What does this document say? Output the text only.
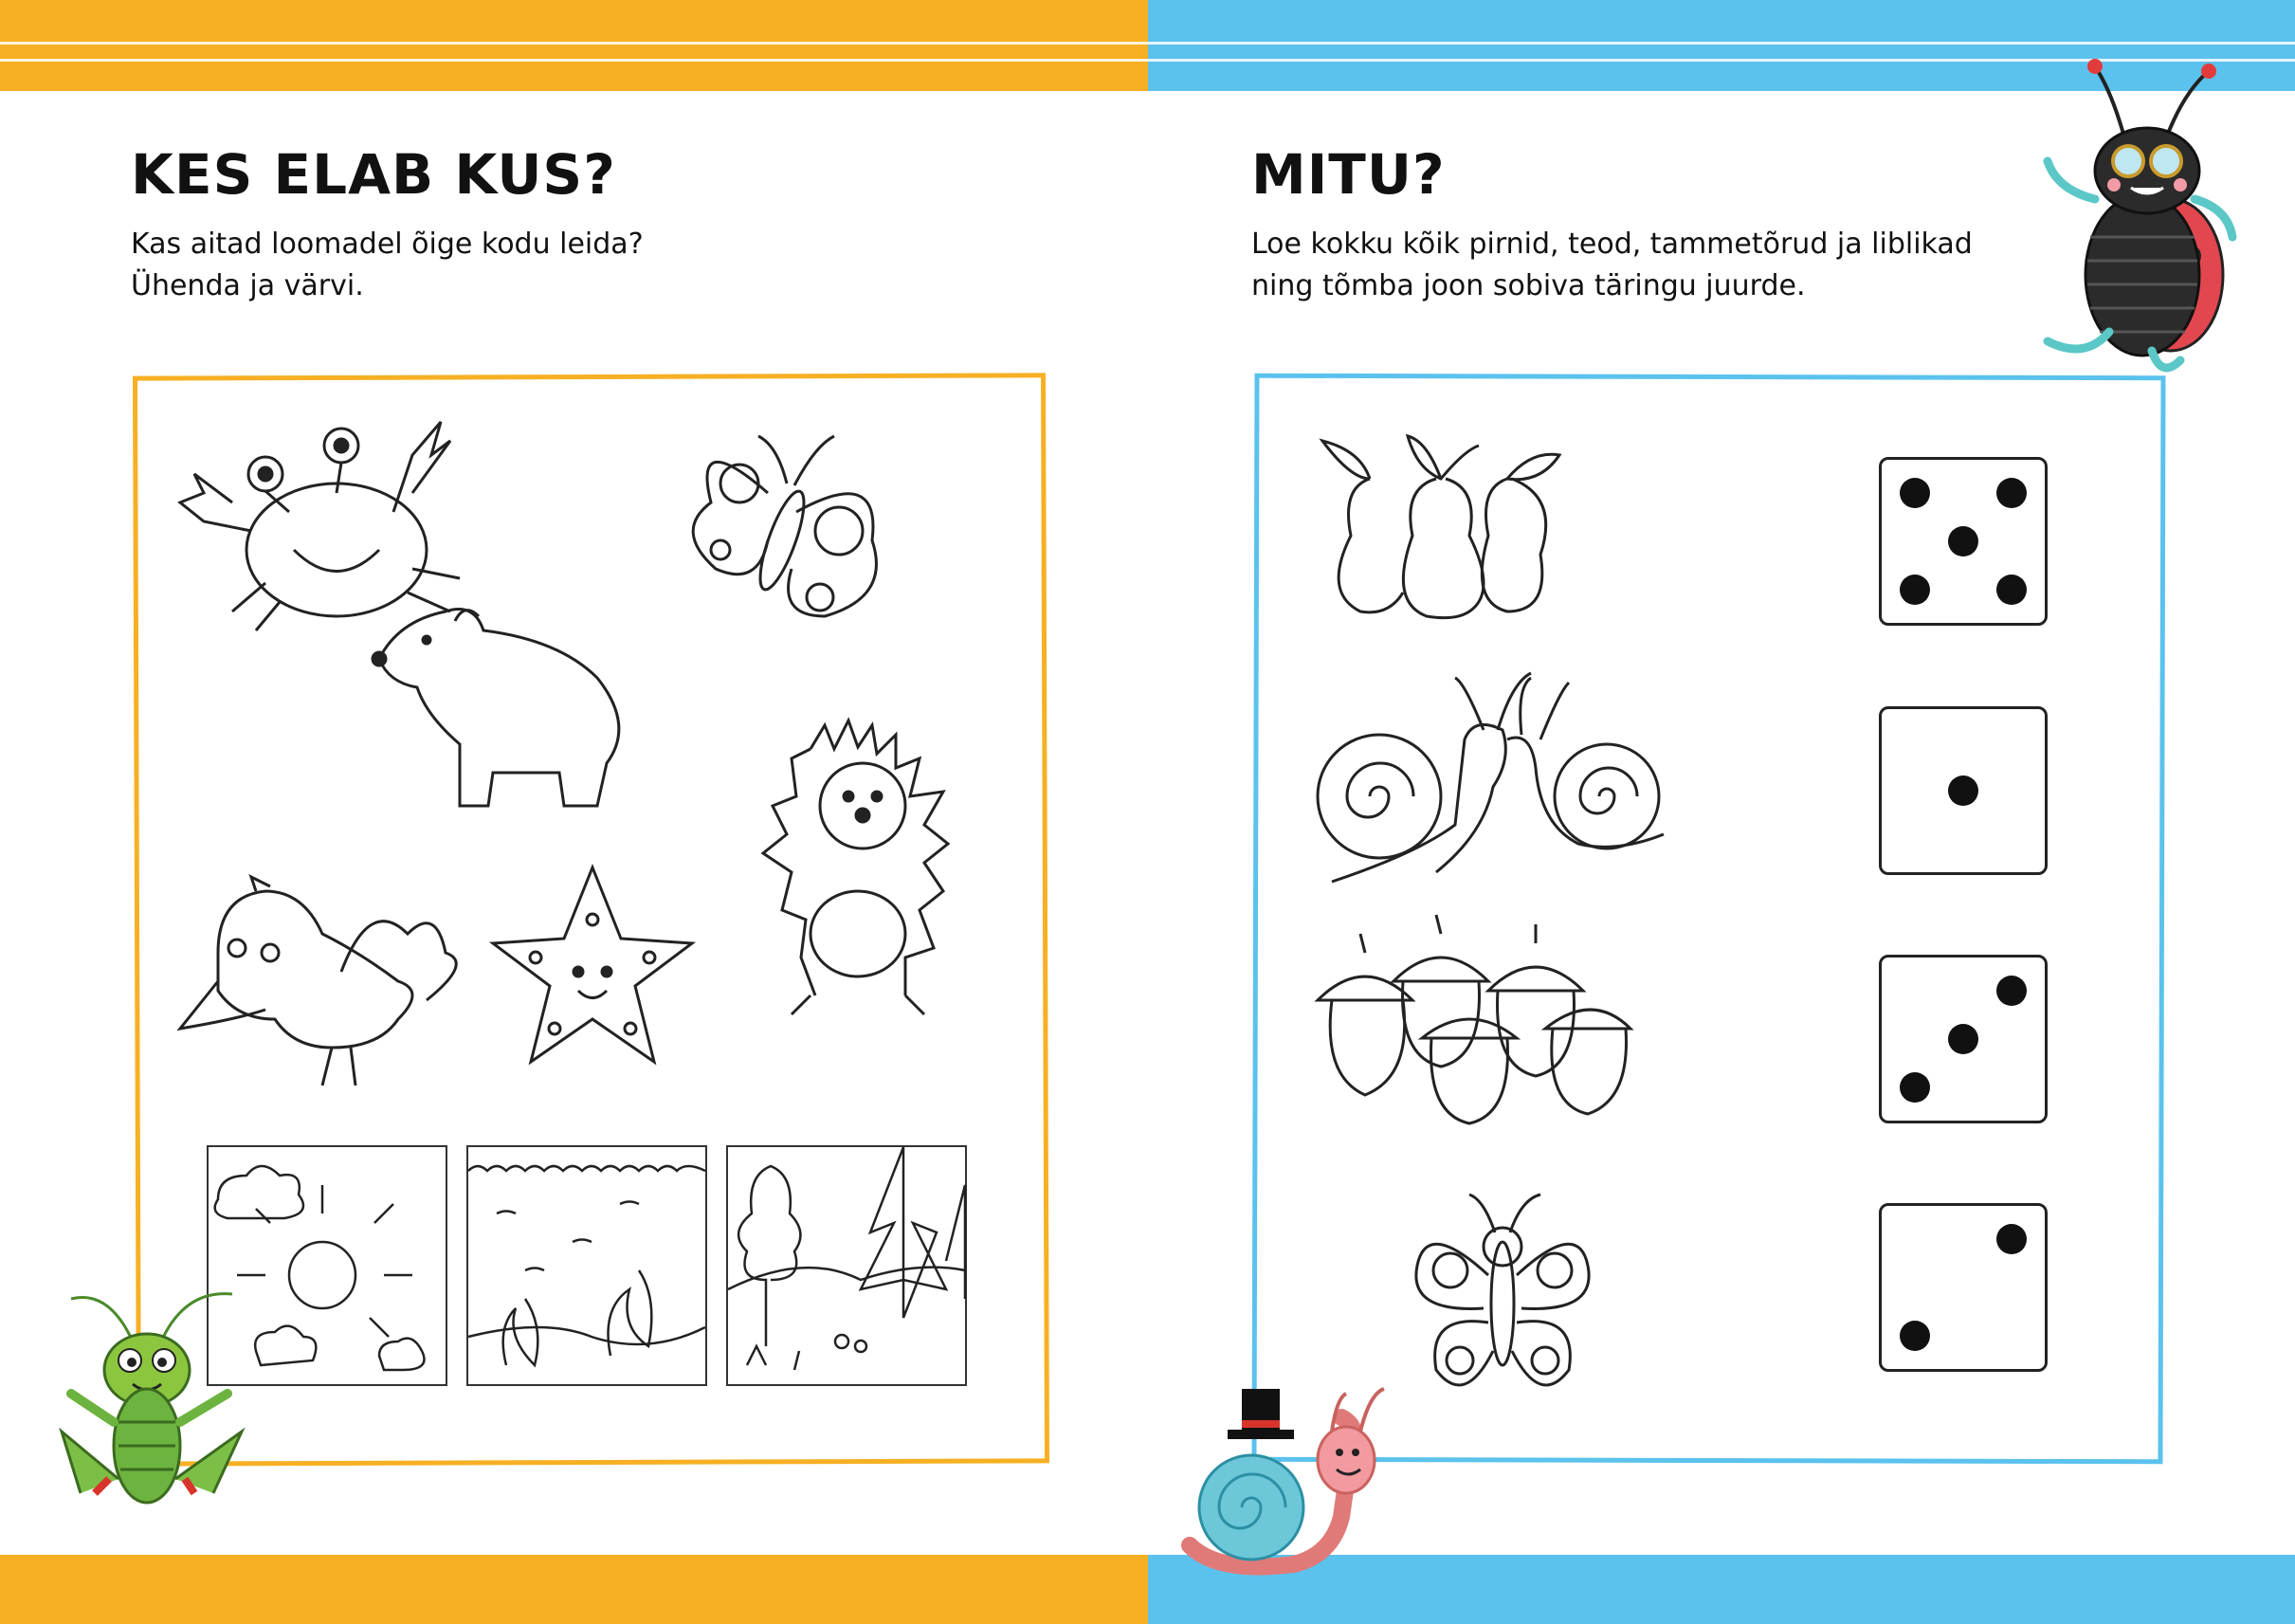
KES ELAB KUS?

Kas aitad loomadel õige kodu leida?

Ühenda ja värvi.

MITU?

Loe kokku kõik pirnid, teod, tammetõrud ja liblikad

ning tõmba joon sobiva täringu juurde.
